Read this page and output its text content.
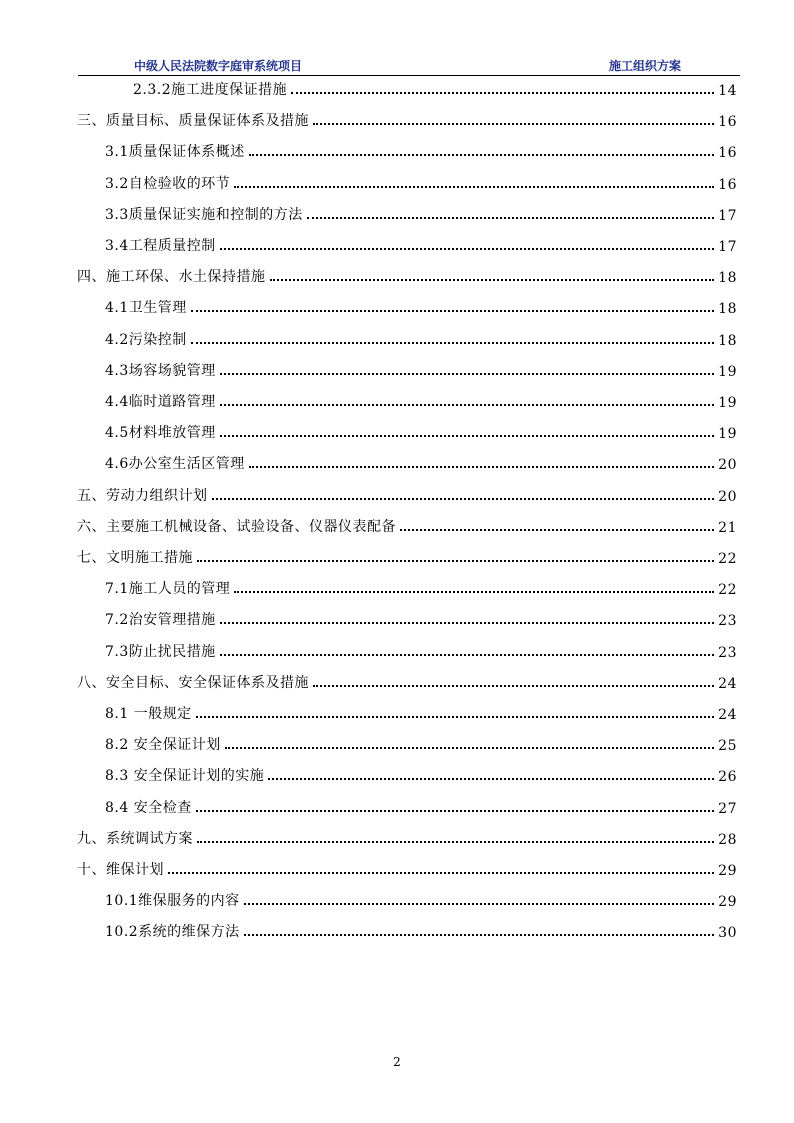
中级人民法院数字庭审系统项目	施工组织方案
2.3.2施工进度保证措施	14
三、质量目标、质量保证体系及措施	16
3.1质量保证体系概述	16
3.2自检验收的环节	16
3.3质量保证实施和控制的方法	17
3.4工程质量控制	17
四、施工环保、水土保持措施	18
4.1卫生管理	18
4.2污染控制	18
4.3场容场貌管理	19
4.4临时道路管理	19
4.5材料堆放管理	19
4.6办公室生活区管理	20
五、劳动力组织计划	20
六、主要施工机械设备、试验设备、仪器仪表配备	21
七、文明施工措施	22
7.1施工人员的管理	22
7.2治安管理措施	23
7.3防止扰民措施	23
八、安全目标、安全保证体系及措施	24
8.1 一般规定	24
8.2 安全保证计划	25
8.3 安全保证计划的实施	26
8.4 安全检查	27
九、系统调试方案	28
十、维保计划	29
10.1维保服务的内容	29
10.2系统的维保方法	30
2
